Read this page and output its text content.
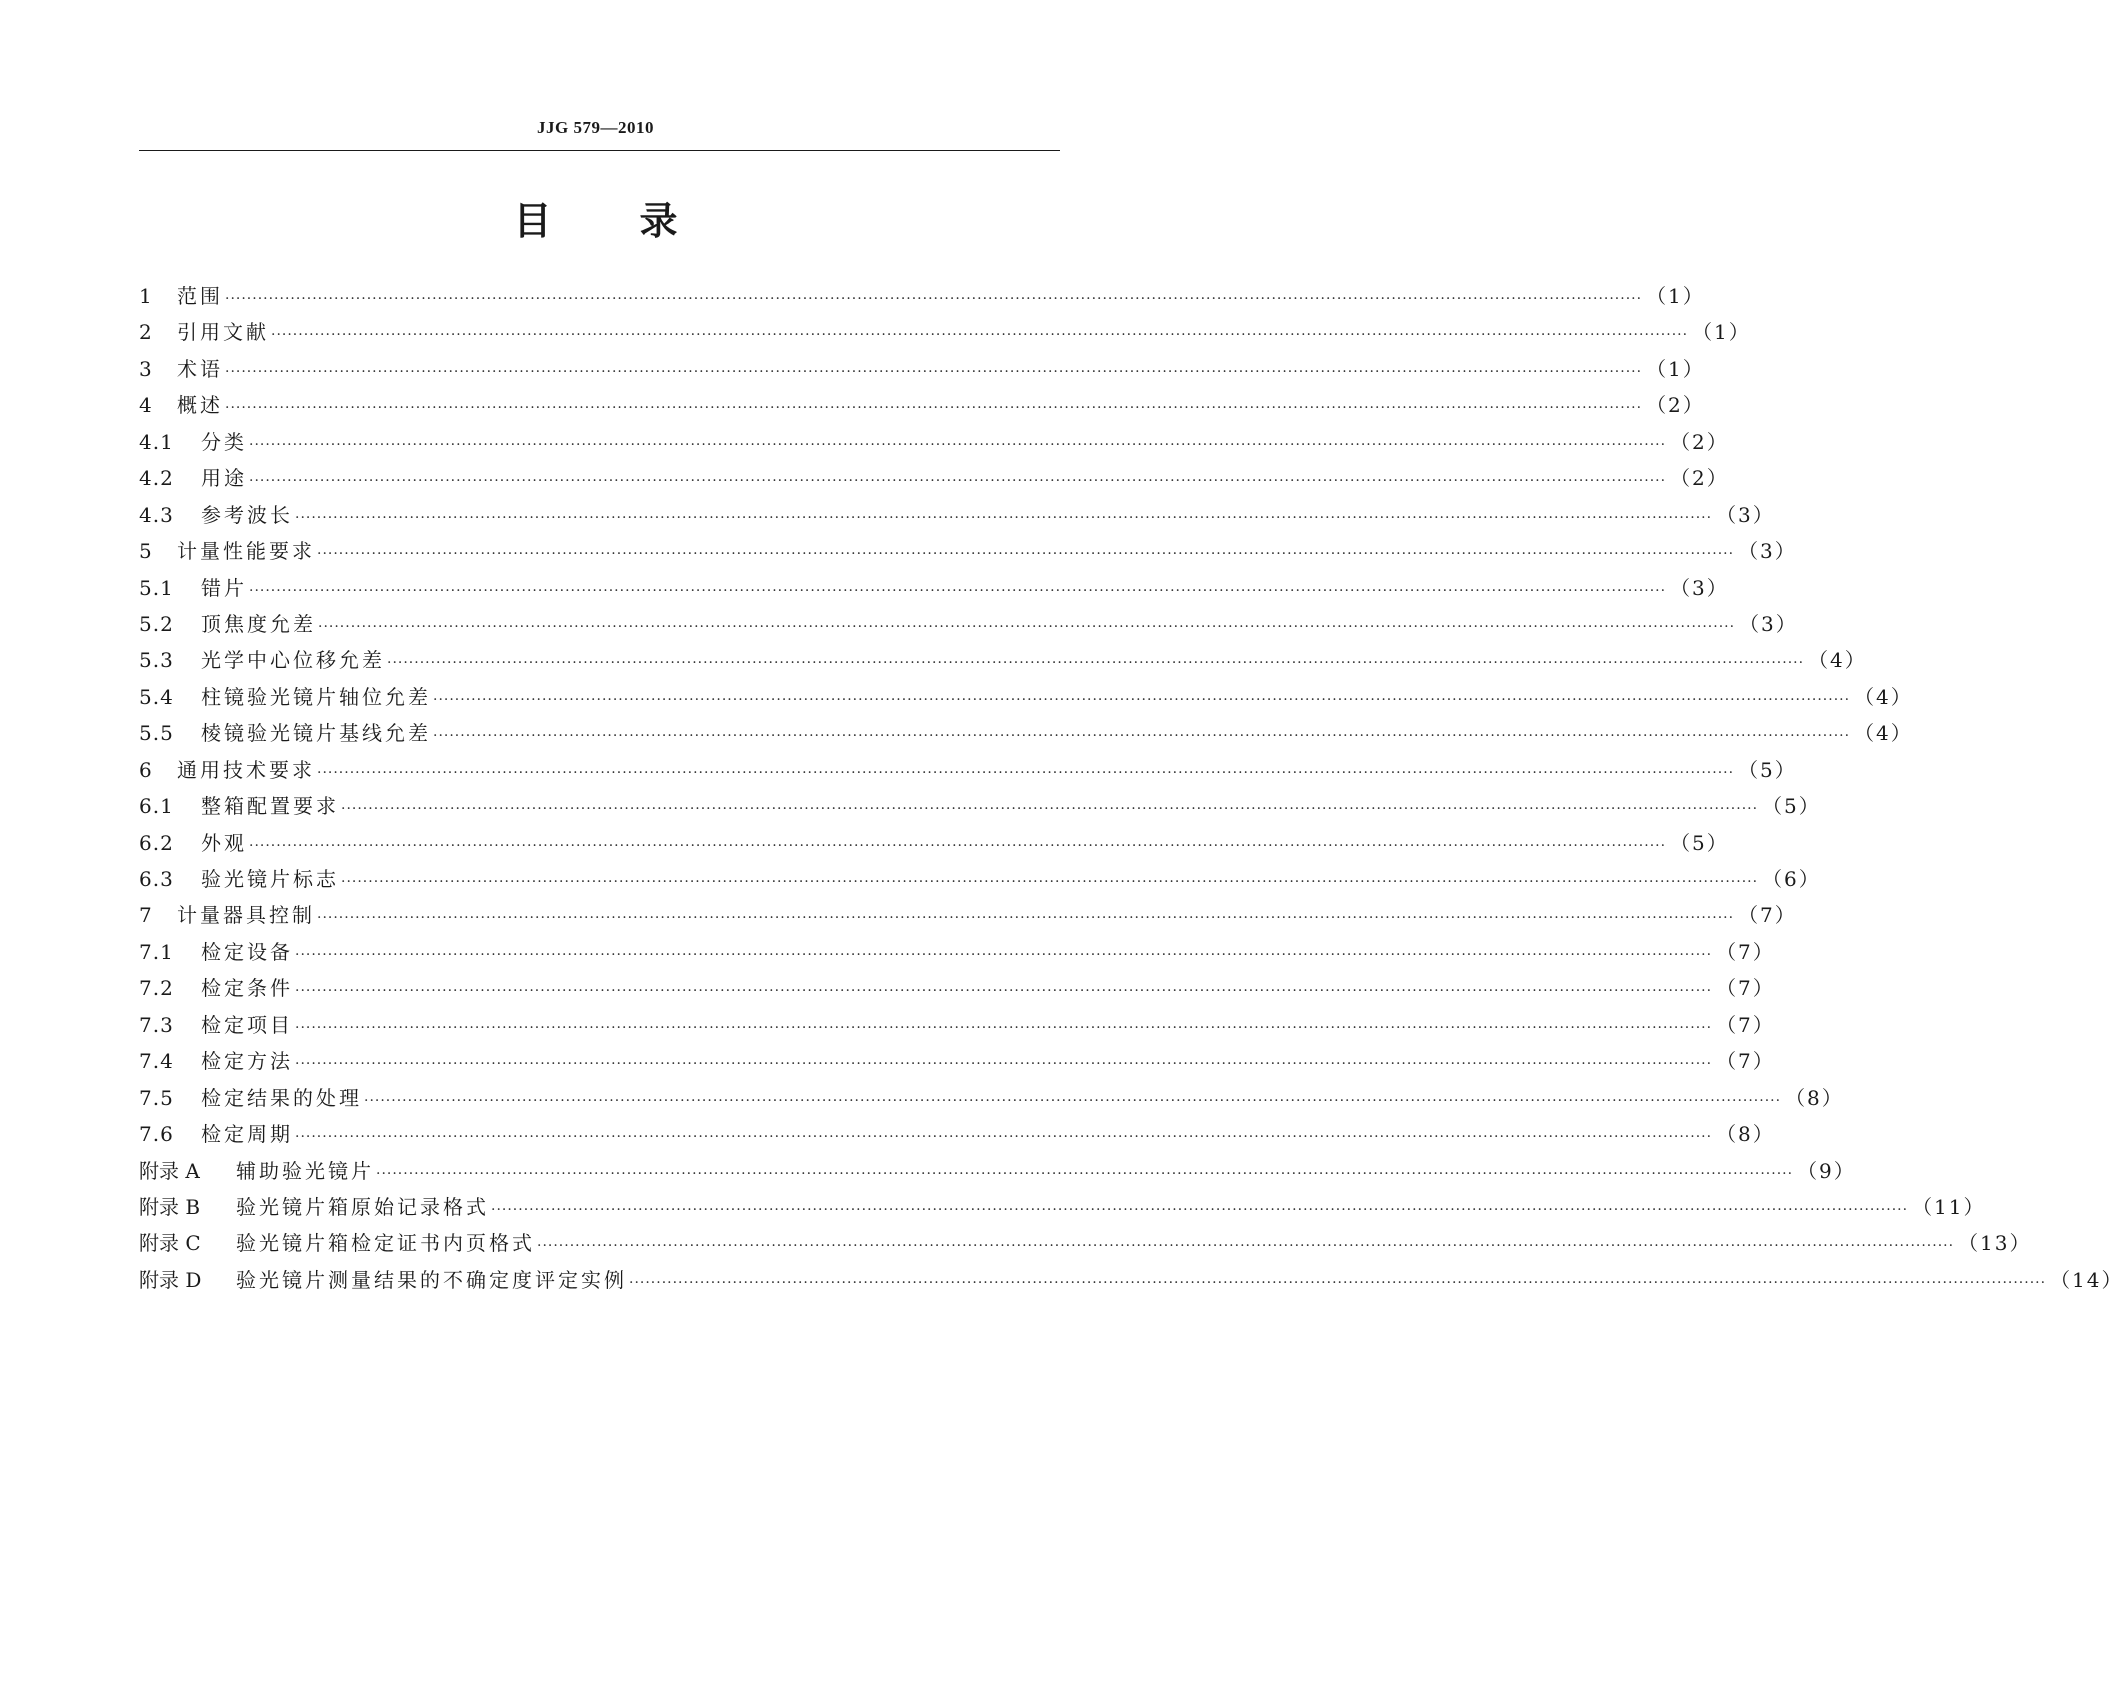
JJG 579—2010
目 录
1	范围 ···································································································································································································································································· （1）
2	引用文献 ···································································································································································································································································· （1）
3	术语 ···································································································································································································································································· （1）
4	概述 ···································································································································································································································································· （2）
4.1	分类 ···································································································································································································································································· （2）
4.2	用途 ···································································································································································································································································· （2）
4.3	参考波长 ···································································································································································································································································· （3）
5	计量性能要求 ···································································································································································································································································· （3）
5.1	错片 ···································································································································································································································································· （3）
5.2	顶焦度允差 ···································································································································································································································································· （3）
5.3	光学中心位移允差 ···································································································································································································································································· （4）
5.4	柱镜验光镜片轴位允差 ···································································································································································································································································· （4）
5.5	棱镜验光镜片基线允差 ···································································································································································································································································· （4）
6	通用技术要求 ···································································································································································································································································· （5）
6.1	整箱配置要求 ···································································································································································································································································· （5）
6.2	外观 ···································································································································································································································································· （5）
6.3	验光镜片标志 ···································································································································································································································································· （6）
7	计量器具控制 ···································································································································································································································································· （7）
7.1	检定设备 ···································································································································································································································································· （7）
7.2	检定条件 ···································································································································································································································································· （7）
7.3	检定项目 ···································································································································································································································································· （7）
7.4	检定方法 ···································································································································································································································································· （7）
7.5	检定结果的处理 ···································································································································································································································································· （8）
7.6	检定周期 ···································································································································································································································································· （8）
附录 A	辅助验光镜片 ···································································································································································································································································· （9）
附录 B	验光镜片箱原始记录格式 ···································································································································································································································································· （11）
附录 C	验光镜片箱检定证书内页格式 ···································································································································································································································································· （13）
附录 D	验光镜片测量结果的不确定度评定实例 ···································································································································································································································································· （14）
